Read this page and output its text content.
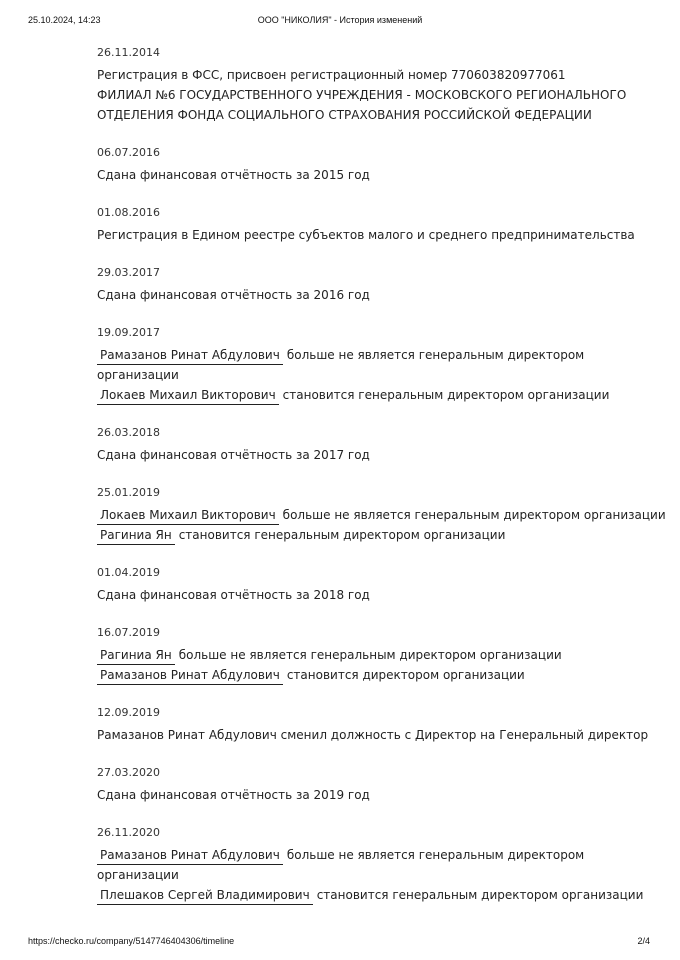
25.10.2024, 14:23	ООО "НИКОЛИЯ" - История изменений
26.11.2014
Регистрация в ФСС, присвоен регистрационный номер 770603820977061
ФИЛИАЛ №6 ГОСУДАРСТВЕННОГО УЧРЕЖДЕНИЯ - МОСКОВСКОГО РЕГИОНАЛЬНОГО
ОТДЕЛЕНИЯ ФОНДА СОЦИАЛЬНОГО СТРАХОВАНИЯ РОССИЙСКОЙ ФЕДЕРАЦИИ
06.07.2016
Сдана финансовая отчётность за 2015 год
01.08.2016
Регистрация в Едином реестре субъектов малого и среднего предпринимательства
29.03.2017
Сдана финансовая отчётность за 2016 год
19.09.2017
Рамазанов Ринат Абдулович больше не является генеральным директором
организации
Локаев Михаил Викторович становится генеральным директором организации
26.03.2018
Сдана финансовая отчётность за 2017 год
25.01.2019
Локаев Михаил Викторович больше не является генеральным директором организации
Рагиниа Ян становится генеральным директором организации
01.04.2019
Сдана финансовая отчётность за 2018 год
16.07.2019
Рагиниа Ян больше не является генеральным директором организации
Рамазанов Ринат Абдулович становится директором организации
12.09.2019
Рамазанов Ринат Абдулович сменил должность с Директор на Генеральный директор
27.03.2020
Сдана финансовая отчётность за 2019 год
26.11.2020
Рамазанов Ринат Абдулович больше не является генеральным директором
организации
Плешаков Сергей Владимирович становится генеральным директором организации
https://checko.ru/company/5147746404306/timeline	2/4
